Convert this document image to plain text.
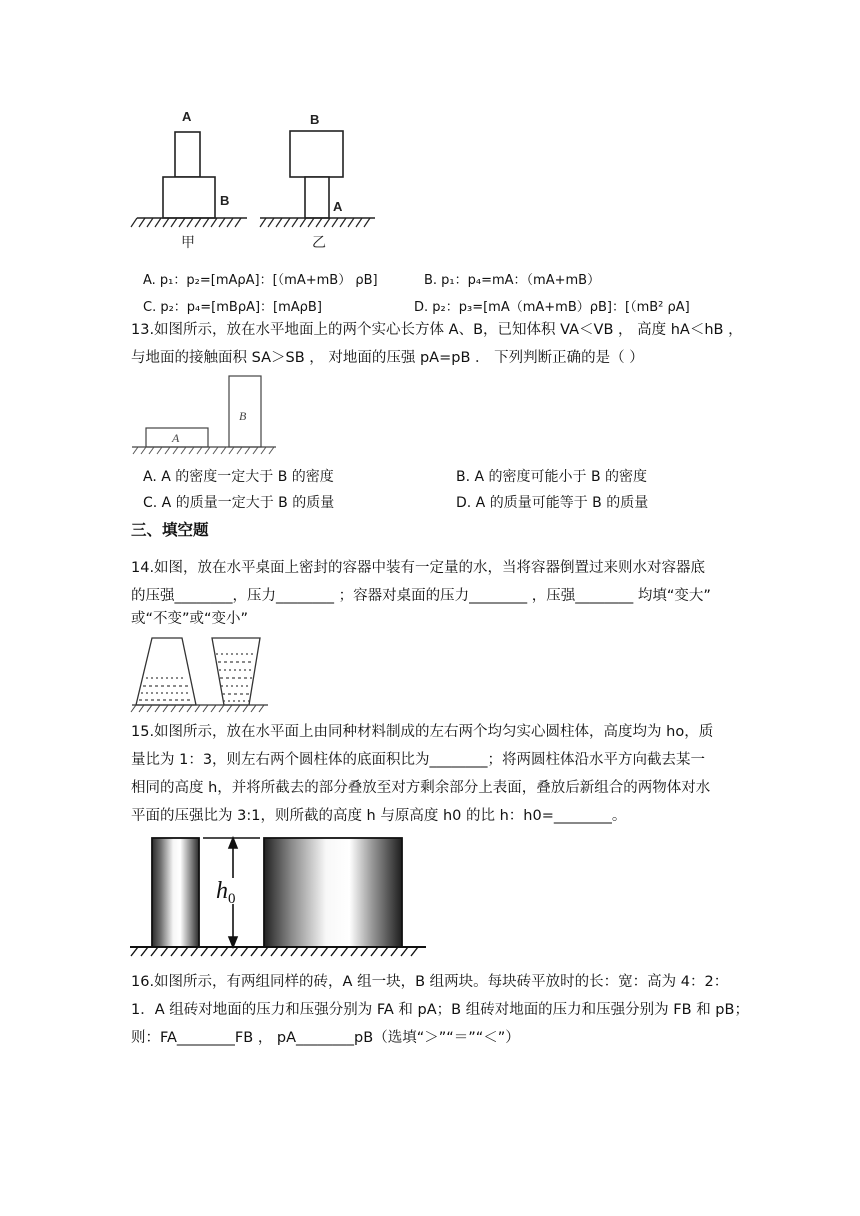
A
B
B
A
甲	乙
A. p₁：p₂=[mAρA]：[（mA+mB） ρB]	B. p₁：p₄=mA：（mA+mB）
C. p₂：p₄=[mBρA]：[mAρB]	D. p₂：p₃=[mA（mA+mB）ρB]：[（mB² ρA]
13.如图所示，放在水平地面上的两个实心长方体 A、B，已知体积 VA＜VB ， 高度 hA＜hB ，
与地面的接触面积 SA＞SB ， 对地面的压强 pA=pB ． 下列判断正确的是（ ）
A
B
A. A 的密度一定大于 B 的密度	B. A 的密度可能小于 B 的密度
C. A 的质量一定大于 B 的质量	D. A 的质量可能等于 B 的质量
三、填空题
14.如图，放在水平桌面上密封的容器中装有一定量的水，当将容器倒置过来则水对容器底
的压强________，压力________ ；容器对桌面的压力________ ，压强________ 均填“变大”
或“不变”或“变小”
15.如图所示，放在水平面上由同种材料制成的左右两个均匀实心圆柱体，高度均为 ho，质
量比为 1：3，则左右两个圆柱体的底面积比为________；将两圆柱体沿水平方向截去某一
相同的高度 h，并将所截去的部分叠放至对方剩余部分上表面，叠放后新组合的两物体对水
平面的压强比为 3:1，则所截的高度 h 与原高度 h0 的比 h：h0=________。
$h_0$
16.如图所示，有两组同样的砖，A 组一块，B 组两块。每块砖平放时的长：宽：高为 4：2：
1．A 组砖对地面的压力和压强分别为 FA 和 pA；B 组砖对地面的压力和压强分别为 FB 和 pB；
则：FA________FB ， pA________pB（选填“＞”“＝”“＜”）
